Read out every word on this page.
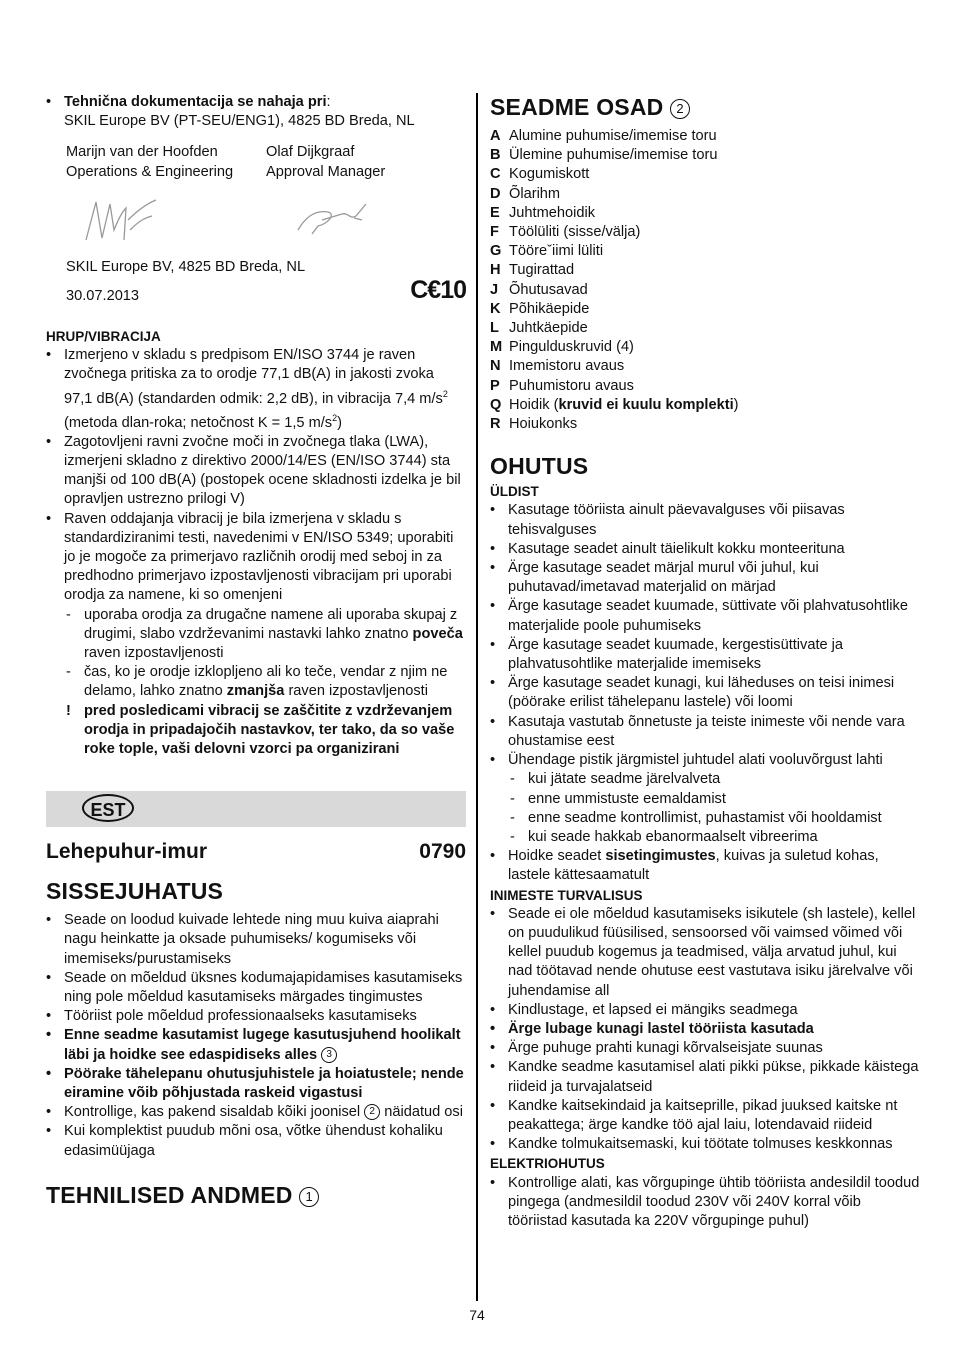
• Tehnična dokumentacija se nahaja pri:
SKIL Europe BV (PT-SEU/ENG1), 4825 BD Breda, NL

Marijn van der Hoofden

Operations & Engineering

Olaf Dijkgraaf

Approval Manager

SKIL Europe BV, 4825 BD Breda, NL

30.07.2013	C€10

HRUP/VIBRACIJA

• Izmerjeno v skladu s predpisom EN/ISO 3744 je raven zvočnega pritiska za to orodje 77,1 dB(A) in jakosti zvoka 97,1 dB(A) (standarden odmik: 2,2 dB), in vibracija 7,4 $m/s^2$ (metoda dlan-roka; netočnost K = 1,5 $m/s^2$)
• Zagotovljeni ravni zvočne moči in zvočnega tlaka (LWA), izmerjeni skladno z direktivo 2000/14/ES (EN/ISO 3744) sta manjši od 100 dB(A) (postopek ocene skladnosti izdelka je bil opravljen ustrezno prilogi V)
• Raven oddajanja vibracij je bila izmerjena v skladu s standardiziranimi testi, navedenimi v EN/ISO 5349; uporabiti jo je mogoče za primerjavo različnih orodij med seboj in za predhodno primerjavo izpostavljenosti vibracijam pri uporabi orodja za namene, ki so omenjeni
- uporaba orodja za drugačne namene ali uporaba skupaj z drugimi, slabo vzdrževanimi nastavki lahko znatno poveča raven izpostavljenosti
- čas, ko je orodje izklopljeno ali ko teče, vendar z njim ne delamo, lahko znatno zmanjša raven izpostavljenosti
! pred posledicami vibracij se zaščitite z vzdrževanjem orodja in pripadajočih nastavkov, ter tako, da so vaše roke tople, vaši delovni vzorci pa organizirani
EST
Lehepuhur-imur	0790
SISSEJUHATUS
• Seade on loodud kuivade lehtede ning muu kuiva aiaprahi nagu heinkatte ja oksade puhumiseks/ kogumiseks või imemiseks/purustamiseks
• Seade on mõeldud üksnes kodumajapidamises kasutamiseks ning pole mõeldud kasutamiseks märgades tingimustes
• Tööriist pole mõeldud professionaalseks kasutamiseks
• Enne seadme kasutamist lugege kasutusjuhend hoolikalt läbi ja hoidke see edaspidiseks alles 3
• Pöörake tähelepanu ohutusjuhistele ja hoiatustele; nende eiramine võib põhjustada raskeid vigastusi
• Kontrollige, kas pakend sisaldab kõiki joonisel 2 näidatud osi
• Kui komplektist puudub mõni osa, võtke ühendust kohaliku edasimüüjaga
TEHNILISED ANDMED 1
SEADME OSAD 2
A Alumine puhumise/imemise toru
B Ülemine puhumise/imemise toru
C Kogumiskott
D Õlarihm
E Juhtmehoidik
F Töölüliti (sisse/välja)
G Tööreˇiimi lüliti
H Tugirattad
J Õhutusavad
K Põhikäepide
L Juhtkäepide
M Pingulduskruvid (4)
N Imemistoru avaus
P Puhumistoru avaus
Q Hoidik (kruvid ei kuulu komplekti)
R Hoiukonks
OHUTUS

ÜLDIST

• Kasutage tööriista ainult päevavalguses või piisavas tehisvalguses
• Kasutage seadet ainult täielikult kokku monteerituna
• Ärge kasutage seadet märjal murul või juhul, kui puhutavad/imetavad materjalid on märjad
• Ärge kasutage seadet kuumade, süttivate või plahvatusohtlike materjalide poole puhumiseks
• Ärge kasutage seadet kuumade, kergestisüttivate ja plahvatusohtlike materjalide imemiseks
• Ärge kasutage seadet kunagi, kui läheduses on teisi inimesi (pöörake erilist tähelepanu lastele) või loomi
• Kasutaja vastutab õnnetuste ja teiste inimeste või nende vara ohustamise eest
• Ühendage pistik järgmistel juhtudel alati vooluvõrgust lahti
- kui jätate seadme järelvalveta
- enne ummistuste eemaldamist
- enne seadme kontrollimist, puhastamist või hooldamist
- kui seade hakkab ebanormaalselt vibreerima
• Hoidke seadet sisetingimustes, kuivas ja suletud kohas, lastele kättesaamatult

INIMESTE TURVALISUS

• Seade ei ole mõeldud kasutamiseks isikutele (sh lastele), kellel on puudulikud füüsilised, sensoorsed või vaimsed võimed või kellel puudub kogemus ja teadmised, välja arvatud juhul, kui nad töötavad nende ohutuse eest vastutava isiku järelvalve või juhendamise all
• Kindlustage, et lapsed ei mängiks seadmega
• Ärge lubage kunagi lastel tööriista kasutada
• Ärge puhuge prahti kunagi kõrvalseisjate suunas
• Kandke seadme kasutamisel alati pikki pükse, pikkade käistega riideid ja turvajalatseid
• Kandke kaitsekindaid ja kaitseprille, pikad juuksed kaitske nt peakattega; ärge kandke töö ajal laiu, lotendavaid riideid
• Kandke tolmukaitsemaski, kui töötate tolmuses keskkonnas

ELEKTRIOHUTUS

• Kontrollige alati, kas võrgupinge ühtib tööriista andesildil toodud pingega (andmesildil toodud 230V või 240V korral võib tööriistad kasutada ka 220V võrgupinge puhul)
74
